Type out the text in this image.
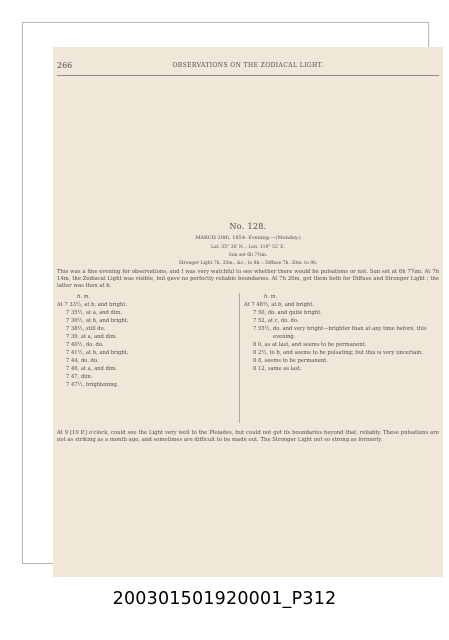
266	OBSERVATIONS ON THE ZODIACAL LIGHT.
No. 128.
MARCH 20th, 1854: Evening.—(Monday.)
Lat. 35° 30′ N. : Lon. 119° 52′ E.
Sun set 6h 7¾m.
Stronger Light 7h. 35m., &c., to 8h. : Diffuse 7h. 30m. to 9h.
This was a fine evening for observations, and I was very watchful to see whether there would be pulsations or not. Sun set at 6h 7¾m. At 7h 14m, the Zodiacal Light was visible, but gave no perfectly reliable boundaries. At 7h 20m, got them both for Diffuse and Stronger Light ; the latter was then at b.
h. m.
At 7 33½, at b, and bright.
7 35½, at a, and dim.
7 36½, at b, and bright.
7 38½, still do.
7 39, at a, and dim.
7 40½, do. do.
7 41½, at b, and bright.
7 44, do. do.
7 46, at a, and dim.
7 47, dim.
7 47½, brightening.
h. m.
At 7 48½, at b, and bright.
7 50, do. and quite bright.
7 52, at c, do. do.
7 55½, do. and very bright—brighter than at any time before, this evening.
8 0, as at last, and seems to be permanent.
8 2½, to b, and seems to be pulsating; but this is very uncertain.
8 8, seems to be permanent.
8 12, same as last.
At 9 [10 P.] o'clock, could see the Light very well to the Pleiades, but could not get its boundaries beyond that, reliably. These pulsations are not as striking as a month ago, and sometimes are difficult to be made out. The Stronger Light not so strong as formerly.
200301501920001_P312
